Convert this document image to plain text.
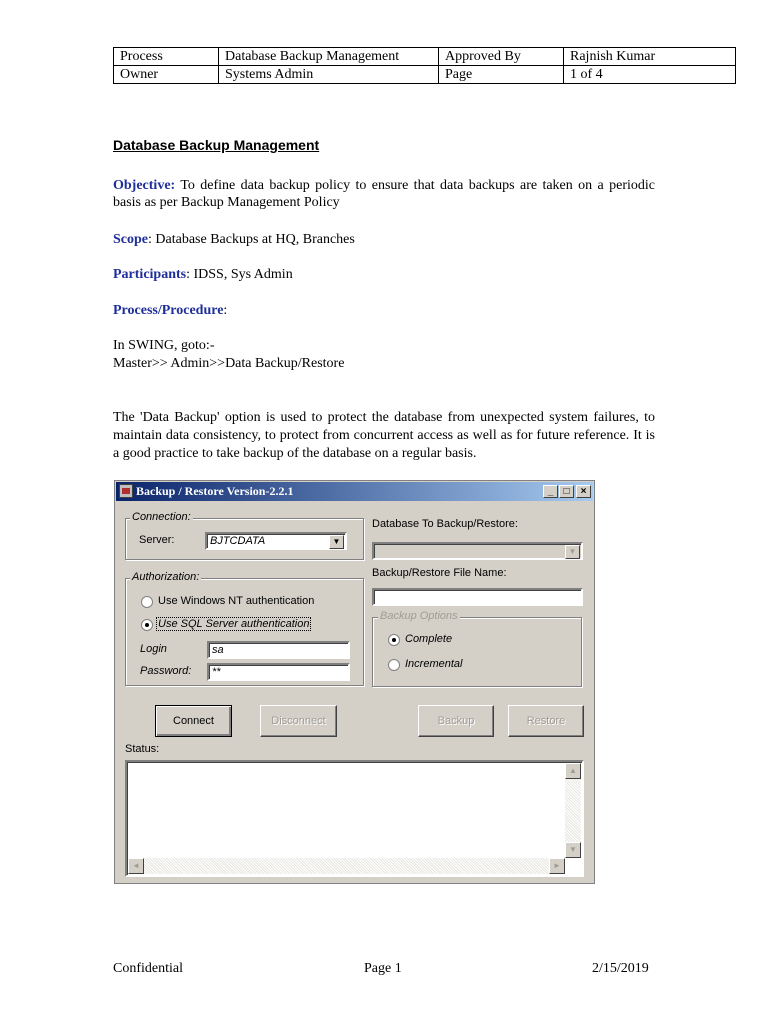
Process	Database Backup Management	Approved By	Rajnish Kumar
Owner	Systems Admin	Page	1 of 4
Database Backup Management
Objective: To define data backup policy to ensure that data backups are taken on a periodic basis as per Backup Management Policy
Scope: Database Backups at HQ, Branches
Participants: IDSS, Sys Admin
Process/Procedure:
In SWING, goto:-
Master>> Admin>>Data Backup/Restore
The 'Data Backup' option is used to protect the database from unexpected system failures, to maintain data consistency, to protect from concurrent access as well as for future reference. It is a good practice to take backup of the database on a regular basis.
Backup / Restore Version-2.2.1	_	□	×
Connection:
Server:	BJTCDATA	▼
Authorization:
Use Windows NT authentication
Use SQL Server authentication
Login	sa
Password:	**
Database To Backup/Restore:
▼
Backup/Restore File Name:
Backup Options
Complete
Incremental
Connect	Disconnect	Backup	Restore
Status:
▲
▼
◄	►
Confidential	Page 1	2/15/2019
